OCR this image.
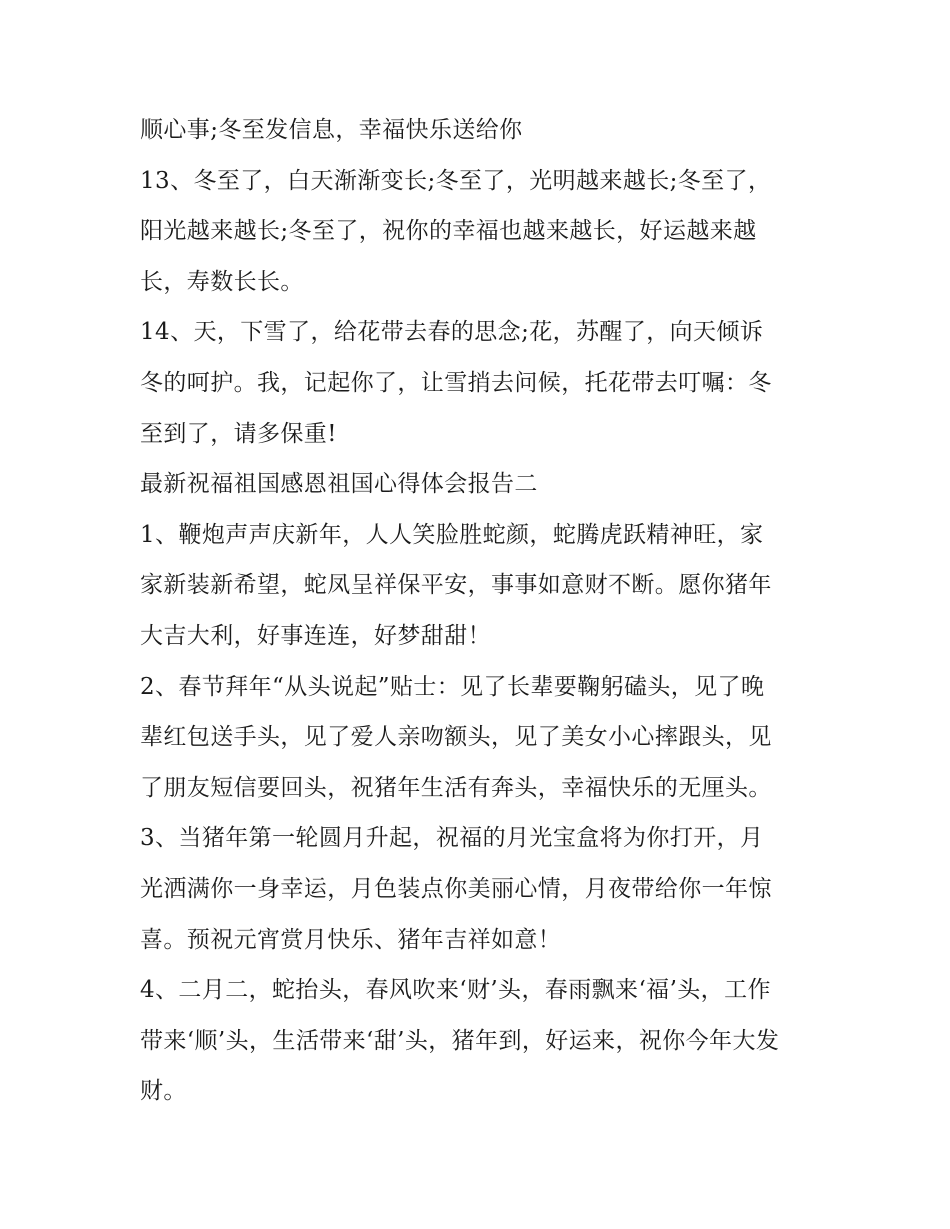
顺心事;冬至发信息，幸福快乐送给你

13、冬至了，白天渐渐变长;冬至了，光明越来越长;冬至了，
阳光越来越长;冬至了，祝你的幸福也越来越长，好运越来越
长，寿数长长。

14、天，下雪了，给花带去春的思念;花，苏醒了，向天倾诉
冬的呵护。我，记起你了，让雪捎去问候，托花带去叮嘱：冬
至到了，请多保重!

最新祝福祖国感恩祖国心得体会报告二

1、鞭炮声声庆新年，人人笑脸胜蛇颜，蛇腾虎跃精神旺，家
家新装新希望，蛇凤呈祥保平安，事事如意财不断。愿你猪年
大吉大利，好事连连，好梦甜甜！

2、春节拜年“从头说起”贴士：见了长辈要鞠躬磕头，见了晚
辈红包送手头，见了爱人亲吻额头，见了美女小心摔跟头，见
了朋友短信要回头，祝猪年生活有奔头，幸福快乐的无厘头。

3、当猪年第一轮圆月升起，祝福的月光宝盒将为你打开，月
光洒满你一身幸运，月色装点你美丽心情，月夜带给你一年惊
喜。预祝元宵赏月快乐、猪年吉祥如意！

4、二月二，蛇抬头，春风吹来‘财’头，春雨飘来‘福’头，工作
带来‘顺’头，生活带来‘甜’头，猪年到，好运来，祝你今年大发
财。
